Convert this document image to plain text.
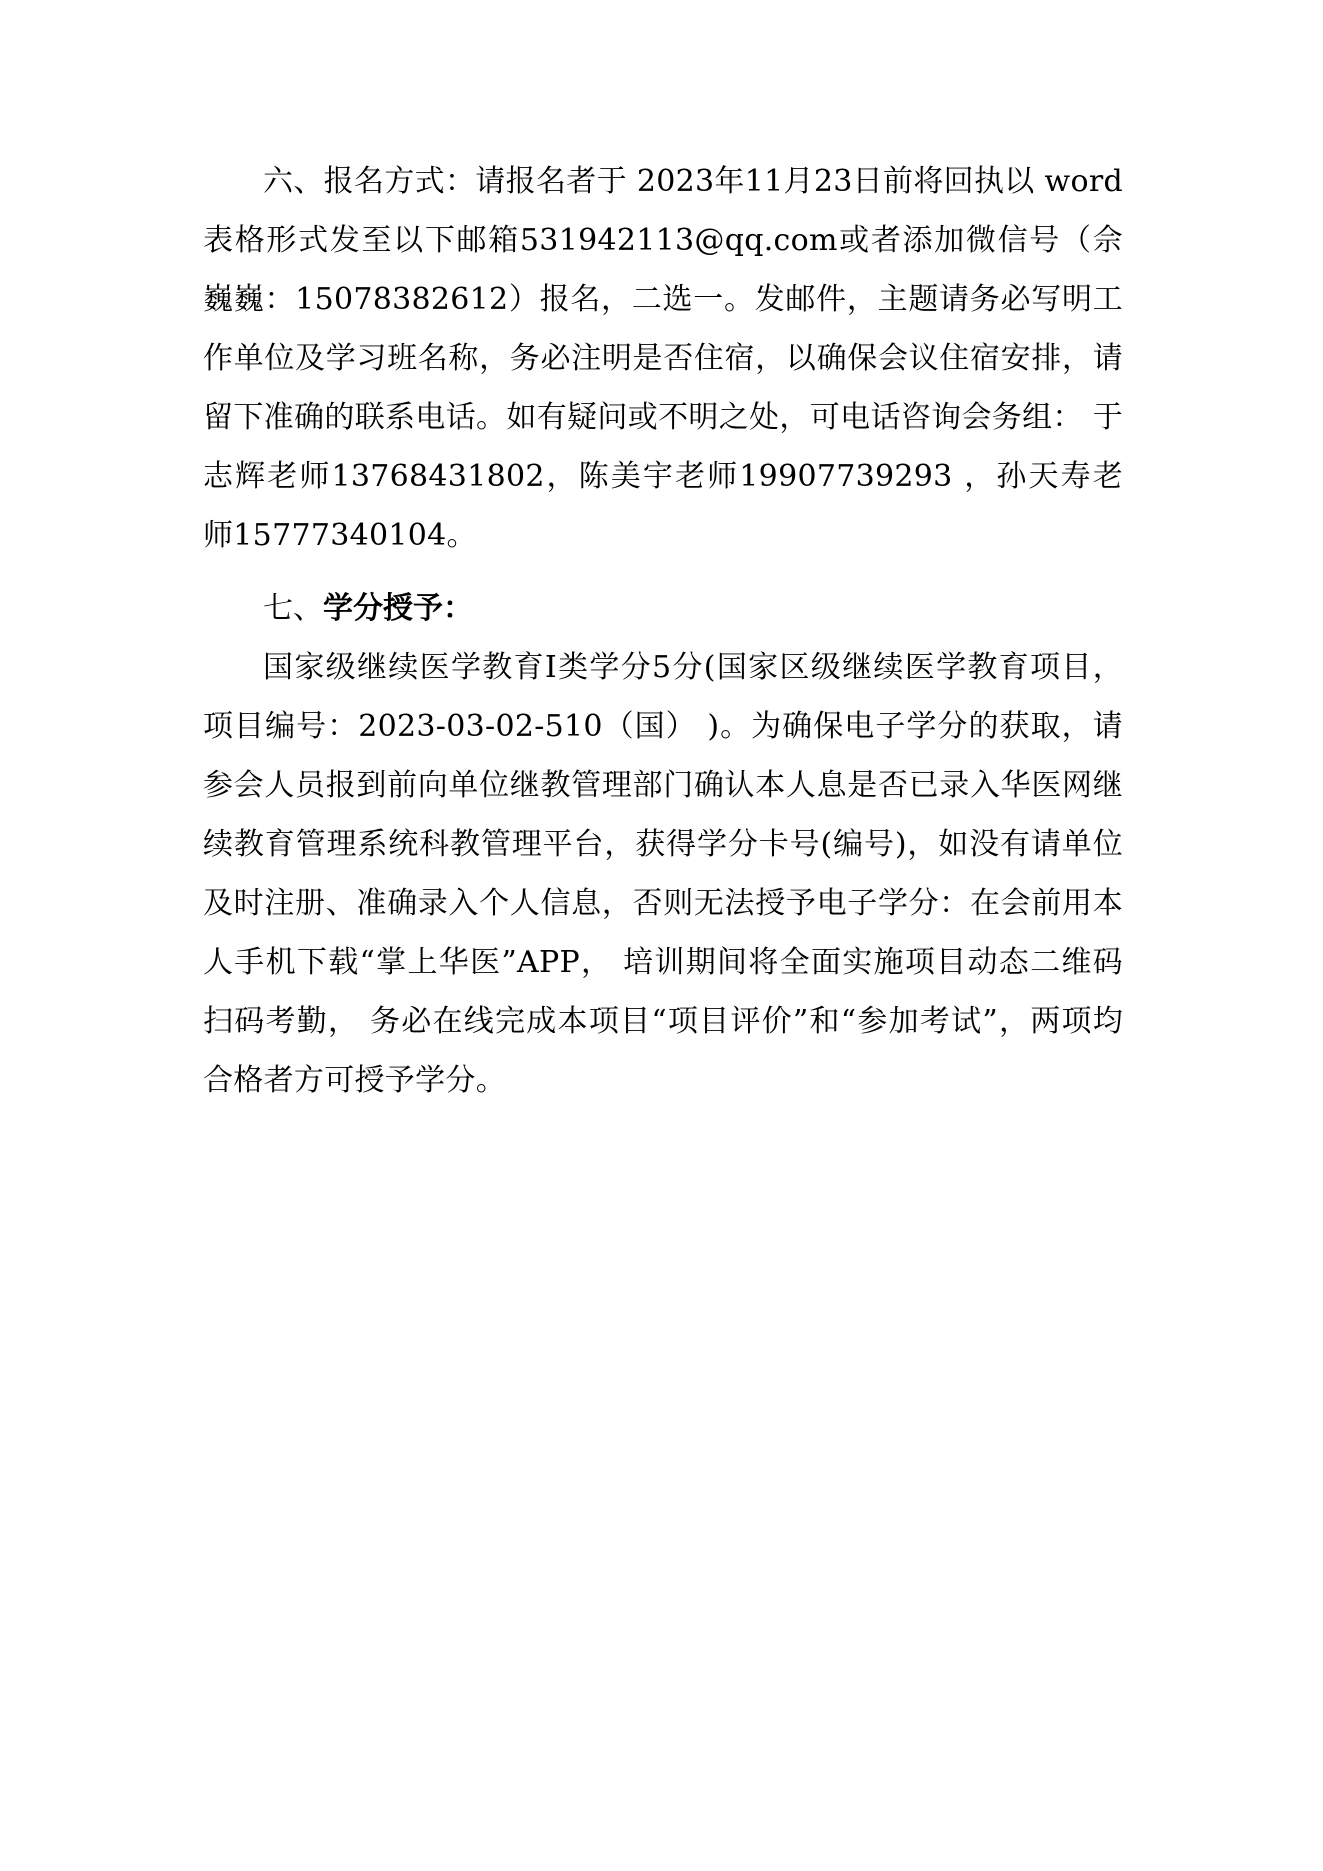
六、报名方式：请报名者于 2023年11月23日前将回执以 word表格形式发至以下邮箱531942113@qq.com或者添加微信号（佘巍巍：15078382612）报名，二选一。发邮件，主题请务必写明工作单位及学习班名称，务必注明是否住宿，以确保会议住宿安排，请留下准确的联系电话。如有疑问或不明之处，可电话咨询会务组： 于志辉老师13768431802，陈美宇老师19907739293 ，孙天寿老师15777340104。

七、学分授予：

国家级继续医学教育Ⅰ类学分5分(国家区级继续医学教育项目，项目编号：2023-03-02-510（国） )。为确保电子学分的获取，请参会人员报到前向单位继教管理部门确认本人息是否已录入华医网继续教育管理系统科教管理平台，获得学分卡号(编号)，如没有请单位及时注册、准确录入个人信息，否则无法授予电子学分：在会前用本人手机下载“掌上华医”APP， 培训期间将全面实施项目动态二维码扫码考勤， 务必在线完成本项目“项目评价”和“参加考试”，两项均合格者方可授予学分。
